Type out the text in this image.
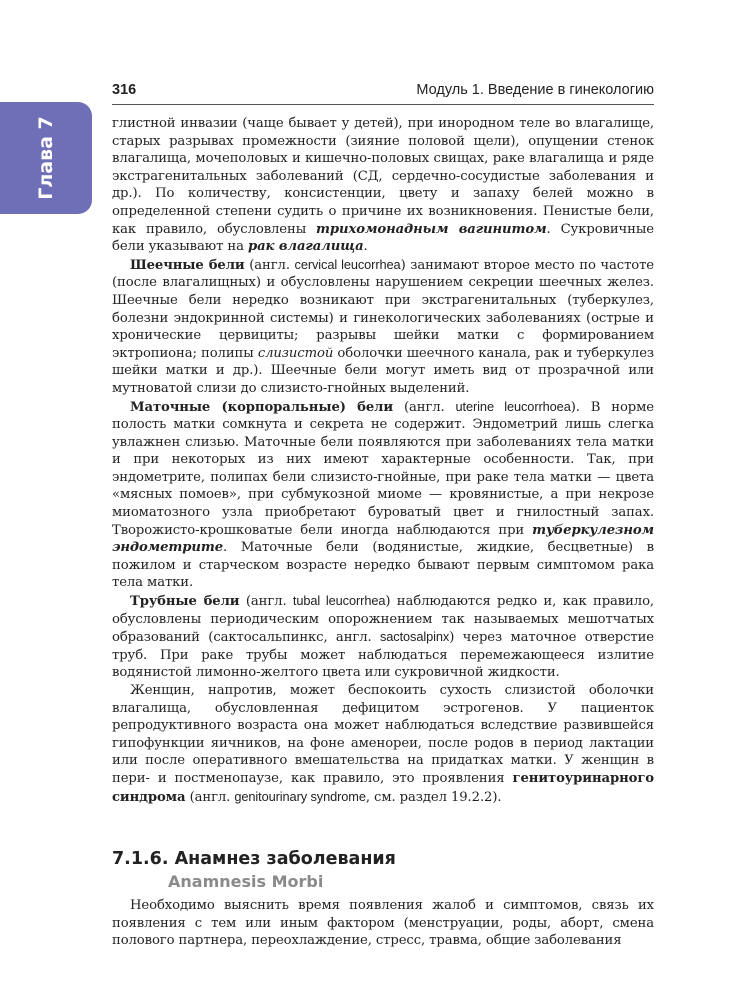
Глава 7
316	Модуль 1. Введение в гинекологию

глистной инвазии (чаще бывает у детей), при инородном теле во влагалище, старых разрывах промежности (зияние половой щели), опущении стенок влагалища, мочеполовых и кишечно-половых свищах, раке влагалища и ряде экстрагенитальных заболеваний (СД, сердечно-сосудистые заболевания и др.). По количеству, консистенции, цвету и запаху белей можно в определенной степени судить о причине их возникновения. Пенистые бели, как правило, обусловлены трихомонадным вагинитом. Сукровичные бели указывают на рак влагалища.

Шеечные бели (англ. cervical leucorrhea) занимают второе место по частоте (после влагалищных) и обусловлены нарушением секреции шеечных желез. Шеечные бели нередко возникают при экстрагенитальных (туберкулез, болезни эндокринной системы) и гинекологических заболеваниях (острые и хронические цервициты; разрывы шейки матки с формированием эктропиона; полипы слизистой оболочки шеечного канала, рак и туберкулез шейки матки и др.). Шеечные бели могут иметь вид от прозрачной или мутноватой слизи до слизисто-гнойных выделений.

Маточные (корпоральные) бели (англ. uterine leucorrhoea). В норме полость матки сомкнута и секрета не содержит. Эндометрий лишь слегка увлажнен слизью. Маточные бели появляются при заболеваниях тела матки и при некоторых из них имеют характерные особенности. Так, при эндометрите, полипах бели слизисто-гнойные, при раке тела матки — цвета «мясных помоев», при субмукозной миоме — кровянистые, а при некрозе миоматозного узла приобретают буроватый цвет и гнилостный запах. Творожисто-крошковатые бели иногда наблюдаются при туберкулезном эндометрите. Маточные бели (водянистые, жидкие, бесцветные) в пожилом и старческом возрасте нередко бывают первым симптомом рака тела матки.

Трубные бели (англ. tubal leucorrhea) наблюдаются редко и, как правило, обусловлены периодическим опорожнением так называемых мешотчатых образований (сактосальпинкс, англ. sactosalpinx) через маточное отверстие труб. При раке трубы может наблюдаться перемежающееся излитие водянистой лимонно-желтого цвета или сукровичной жидкости.

Женщин, напротив, может беспокоить сухость слизистой оболочки влагалища, обусловленная дефицитом эстрогенов. У пациенток репродуктивного возраста она может наблюдаться вследствие развившейся гипофункции яичников, на фоне аменореи, после родов в период лактации или после оперативного вмешательства на придатках матки. У женщин в пери- и постменопаузе, как правило, это проявления генитоуринарного синдрома (англ. genitourinary syndrome, см. раздел 19.2.2).

7.1.6. Анамнез заболевания
Anamnesis Morbi

Необходимо выяснить время появления жалоб и симптомов, связь их появления с тем или иным фактором (менструации, роды, аборт, смена полового партнера, переохлаждение, стресс, травма, общие заболевания
